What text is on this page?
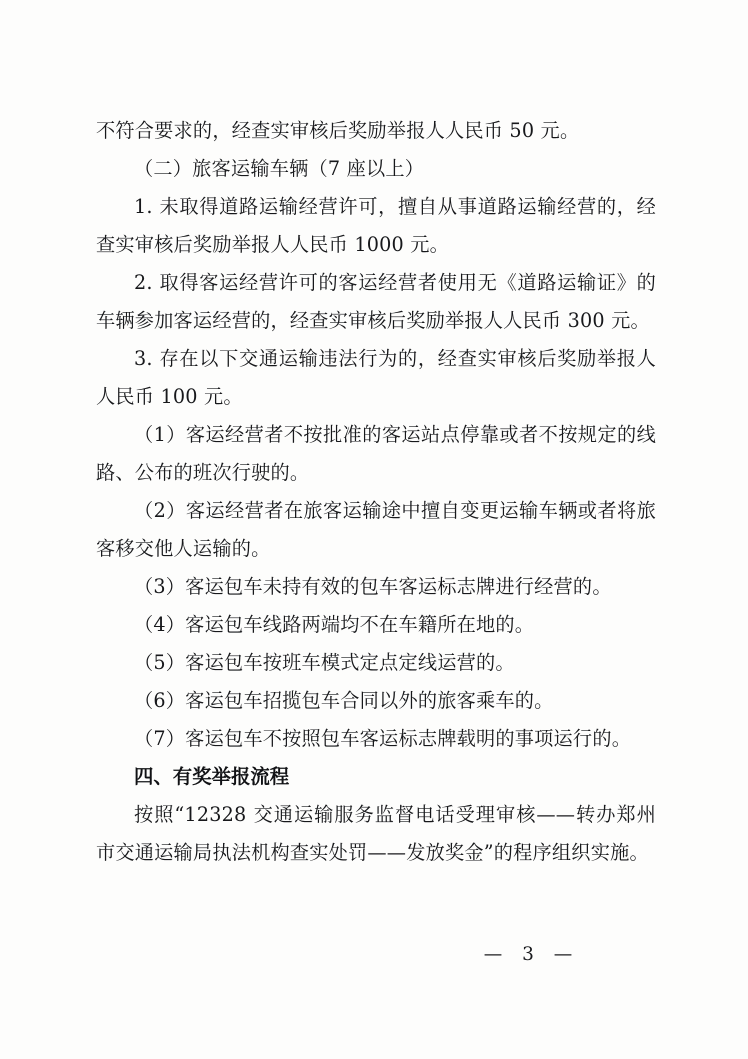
不符合要求的，经查实审核后奖励举报人人民币 50 元。

（二）旅客运输车辆（7 座以上）

1. 未取得道路运输经营许可，擅自从事道路运输经营的，经查实审核后奖励举报人人民币 1000 元。

2. 取得客运经营许可的客运经营者使用无《道路运输证》的车辆参加客运经营的，经查实审核后奖励举报人人民币 300 元。

3. 存在以下交通运输违法行为的，经查实审核后奖励举报人人民币 100 元。

（1）客运经营者不按批准的客运站点停靠或者不按规定的线路、公布的班次行驶的。

（2）客运经营者在旅客运输途中擅自变更运输车辆或者将旅客移交他人运输的。

（3）客运包车未持有效的包车客运标志牌进行经营的。

（4）客运包车线路两端均不在车籍所在地的。

（5）客运包车按班车模式定点定线运营的。

（6）客运包车招揽包车合同以外的旅客乘车的。

（7）客运包车不按照包车客运标志牌载明的事项运行的。

四、有奖举报流程

按照“12328 交通运输服务监督电话受理审核——转办郑州市交通运输局执法机构查实处罚——发放奖金”的程序组织实施。

— 3 —
